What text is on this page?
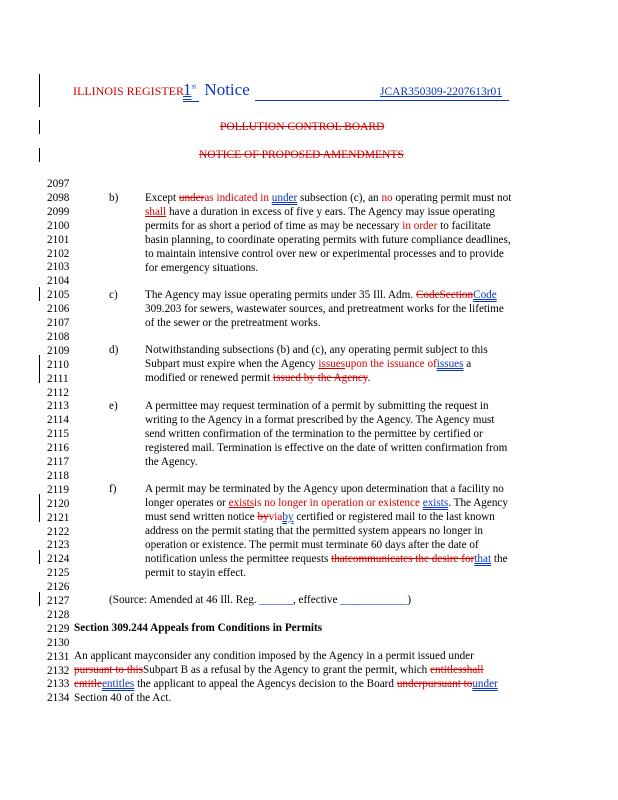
ILLINOIS REGISTER 1st Notice	JCAR350309-2207613r01
POLLUTION CONTROL BOARD
NOTICE OF PROPOSED AMENDMENTS
2097
2098
2099
2100
2101
2102
2103
2104
2105
2106
2107
2108
2109
2110
2111
2112
2113
2114
2115
2116
2117
2118
2119
2120
2121
2122
2123
2124
2125
2126
2127
2128
2129
2130
2131
2132
2133
2134
b)
c)
d)
e)
f)
Except underas indicated in under subsection (c), an no operating permit must not
shall have a duration in excess of five y ears. The Agency may issue operating
permits for as short a period of time as may be necessary in order to facilitate
basin planning, to coordinate operating permits with future compliance deadlines,
to maintain intensive control over new or experimental processes and to provide
for emergency situations.
The Agency may issue operating permits under 35 Ill. Adm. CodeSectionCode
309.203 for sewers, wastewater sources, and pretreatment works for the lifetime
of the sewer or the pretreatment works.
Notwithstanding subsections (b) and (c), any operating permit subject to this
Subpart must expire when the Agency issuesupon the issuance ofissues a
modified or renewed permit issued by the Agency.
A permittee may request termination of a permit by submitting the request in
writing to the Agency in a format prescribed by the Agency. The Agency must
send written confirmation of the termination to the permittee by certified or
registered mail. Termination is effective on the date of written confirmation from
the Agency.
A permit may be terminated by the Agency upon determination that a facility no
longer operates or existsis no longer in operation or existence exists. The Agency
must send written notice byviaby certified or registered mail to the last known
address on the permit stating that the permitted system appears no longer in
operation or existence. The permit must terminate 60 days after the date of
notification unless the permittee requests thatcommunicates the desire forthat the
permit to stayin effect.
(Source: Amended at 46 Ill. Reg. ______, effective ____________)
Section 309.244 Appeals from Conditions in Permits
An applicant mayconsider any condition imposed by the Agency in a permit issued under
pursuant to thisSubpart B as a refusal by the Agency to grant the permit, which entitlesshall
entitleentitles the applicant to appeal the Agencys decision to the Board underpursuant tounder
Section 40 of the Act.
